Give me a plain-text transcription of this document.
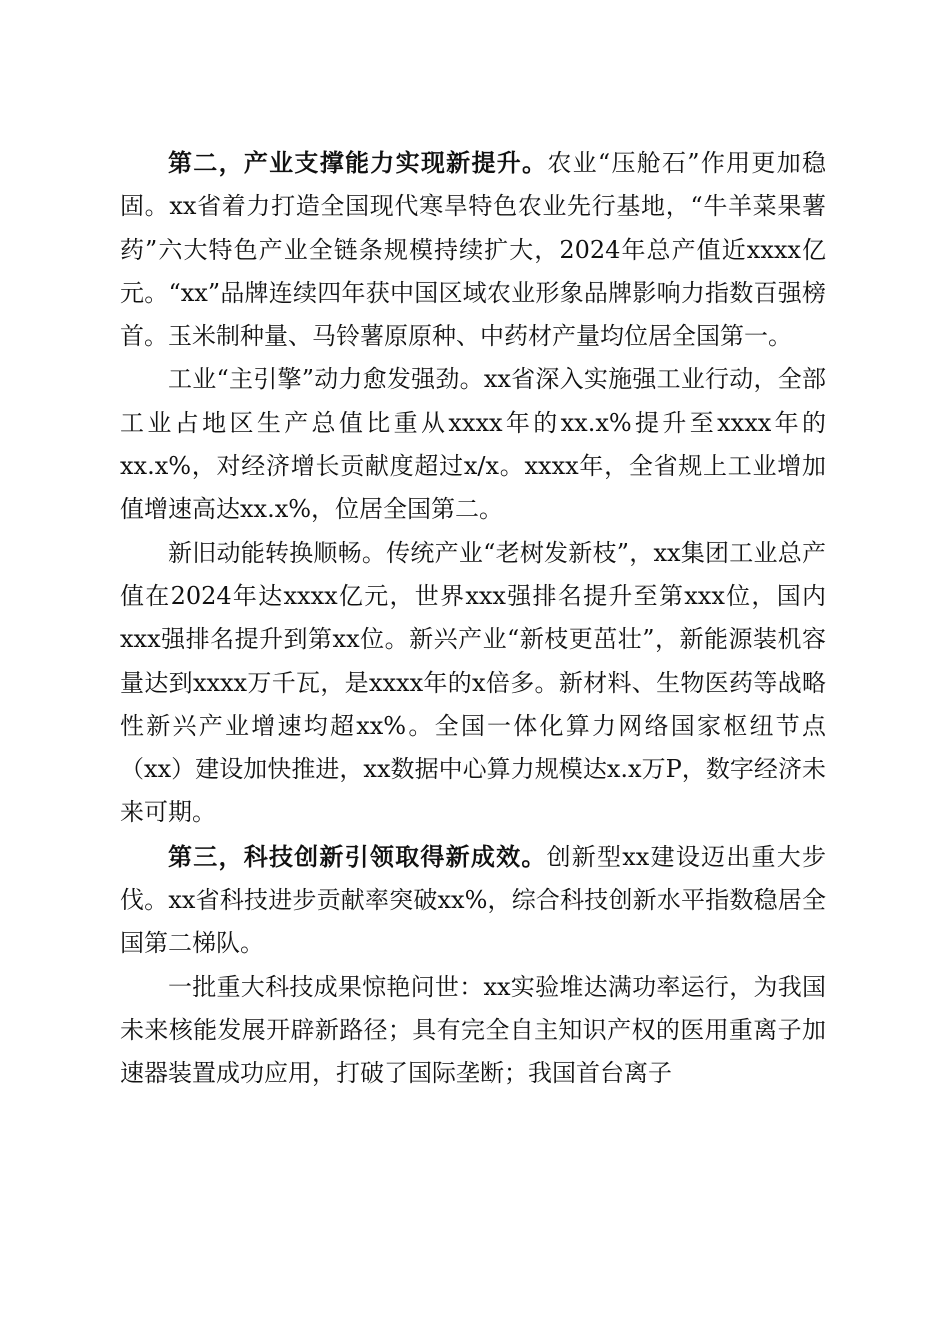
第二，产业支撑能力实现新提升。农业“压舱石”作用更加稳固。xx省着力打造全国现代寒旱特色农业先行基地，“牛羊菜果薯药”六大特色产业全链条规模持续扩大，2024年总产值近xxxx亿元。“xx”品牌连续四年获中国区域农业形象品牌影响力指数百强榜首。玉米制种量、马铃薯原原种、中药材产量均位居全国第一。

工业“主引擎”动力愈发强劲。xx省深入实施强工业行动，全部工业占地区生产总值比重从xxxx年的xx.x%提升至xxxx年的xx.x%，对经济增长贡献度超过x/x。xxxx年，全省规上工业增加值增速高达xx.x%，位居全国第二。

新旧动能转换顺畅。传统产业“老树发新枝”，xx集团工业总产值在2024年达xxxx亿元，世界xxx强排名提升至第xxx位，国内xxx强排名提升到第xx位。新兴产业“新枝更茁壮”，新能源装机容量达到xxxx万千瓦，是xxxx年的x倍多。新材料、生物医药等战略性新兴产业增速均超xx%。全国一体化算力网络国家枢纽节点（xx）建设加快推进，xx数据中心算力规模达x.x万P，数字经济未来可期。

第三，科技创新引领取得新成效。创新型xx建设迈出重大步伐。xx省科技进步贡献率突破xx%，综合科技创新水平指数稳居全国第二梯队。

一批重大科技成果惊艳问世：xx实验堆达满功率运行，为我国未来核能发展开辟新路径；具有完全自主知识产权的医用重离子加速器装置成功应用，打破了国际垄断；我国首台离子
